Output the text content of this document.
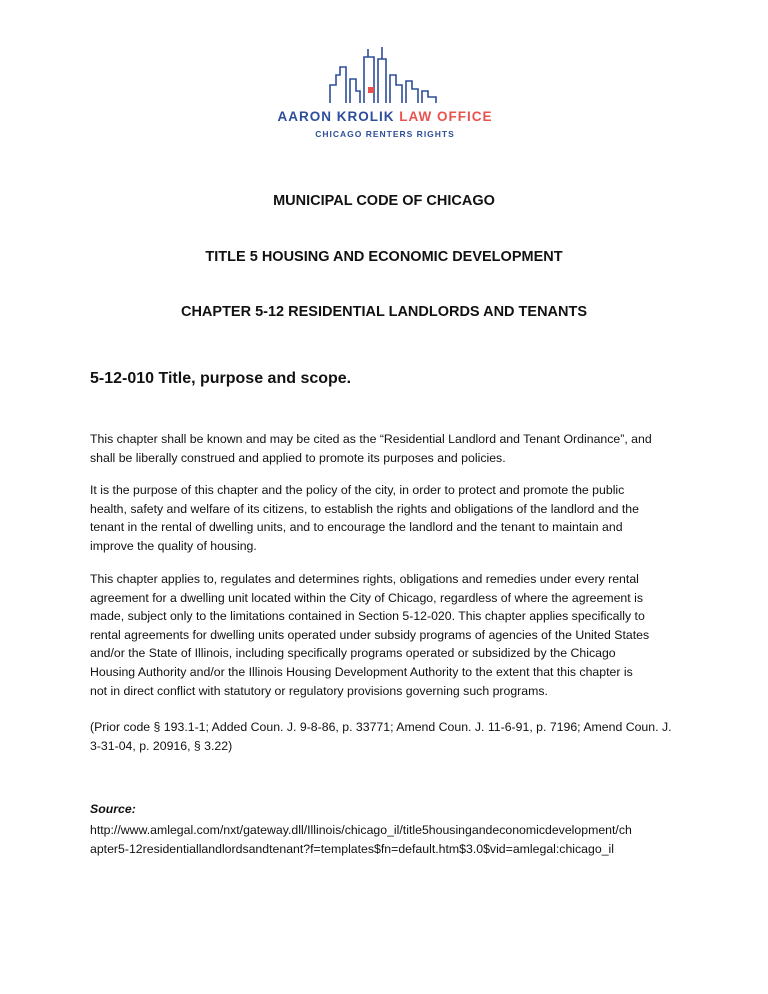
AARON KROLIK LAW OFFICE
CHICAGO RENTERS RIGHTS
MUNICIPAL CODE OF CHICAGO
TITLE 5 HOUSING AND ECONOMIC DEVELOPMENT
CHAPTER 5-12 RESIDENTIAL LANDLORDS AND TENANTS
5-12-010 Title, purpose and scope.
This chapter shall be known and may be cited as the “Residential Landlord and Tenant Ordinance”, and
shall be liberally construed and applied to promote its purposes and policies.
It is the purpose of this chapter and the policy of the city, in order to protect and promote the public
health, safety and welfare of its citizens, to establish the rights and obligations of the landlord and the
tenant in the rental of dwelling units, and to encourage the landlord and the tenant to maintain and
improve the quality of housing.
This chapter applies to, regulates and determines rights, obligations and remedies under every rental
agreement for a dwelling unit located within the City of Chicago, regardless of where the agreement is
made, subject only to the limitations contained in Section 5-12-020. This chapter applies specifically to
rental agreements for dwelling units operated under subsidy programs of agencies of the United States
and/or the State of Illinois, including specifically programs operated or subsidized by the Chicago
Housing Authority and/or the Illinois Housing Development Authority to the extent that this chapter is
not in direct conflict with statutory or regulatory provisions governing such programs.
(Prior code § 193.1-1; Added Coun. J. 9-8-86, p. 33771; Amend Coun. J. 11-6-91, p. 7196; Amend Coun. J.
3-31-04, p. 20916, § 3.22)
Source:
http://www.amlegal.com/nxt/gateway.dll/Illinois/chicago_il/title5housingandeconomicdevelopment/ch
apter5-12residentiallandlordsandtenant?f=templates$fn=default.htm$3.0$vid=amlegal:chicago_il
